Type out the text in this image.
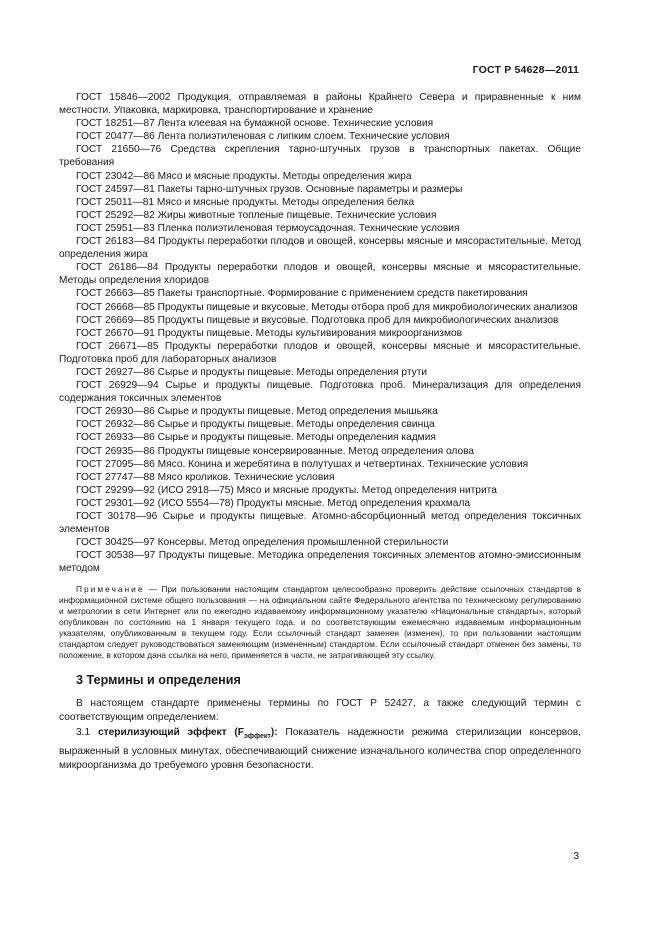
ГОСТ Р 54628—2011

ГОСТ 15846—2002 Продукция, отправляемая в районы Крайнего Севера и приравненные к ним местности. Упаковка, маркировка, транспортирование и хранение

ГОСТ 18251—87 Лента клеевая на бумажной основе. Технические условия

ГОСТ 20477—86 Лента полиэтиленовая с липким слоем. Технические условия

ГОСТ 21650—76 Средства скрепления тарно-штучных грузов в транспортных пакетах. Общие требования

ГОСТ 23042—86 Мясо и мясные продукты. Методы определения жира

ГОСТ 24597—81 Пакеты тарно-штучных грузов. Основные параметры и размеры

ГОСТ 25011—81 Мясо и мясные продукты. Методы определения белка

ГОСТ 25292—82 Жиры животные топленые пищевые. Технические условия

ГОСТ 25951—83 Пленка полиэтиленовая термоусадочная. Технические условия

ГОСТ 26183—84 Продукты переработки плодов и овощей, консервы мясные и мясорастительные. Метод определения жира

ГОСТ 26186—84 Продукты переработки плодов и овощей, консервы мясные и мясорастительные. Методы определения хлоридов

ГОСТ 26663—85 Пакеты транспортные. Формирование с применением средств пакетирования

ГОСТ 26668—85 Продукты пищевые и вкусовые. Методы отбора проб для микробиологических анализов

ГОСТ 26669—85 Продукты пищевые и вкусовые. Подготовка проб для микробиологических анализов

ГОСТ 26670—91 Продукты пищевые. Методы культивирования микроорганизмов

ГОСТ 26671—85 Продукты переработки плодов и овощей, консервы мясные и мясорастительные. Подготовка проб для лабораторных анализов

ГОСТ 26927—86 Сырье и продукты пищевые. Методы определения ртути

ГОСТ 26929—94 Сырье и продукты пищевые. Подготовка проб. Минерализация для определения содержания токсичных элементов

ГОСТ 26930—86 Сырье и продукты пищевые. Метод определения мышьяка

ГОСТ 26932—86 Сырье и продукты пищевые. Методы определения свинца

ГОСТ 26933—86 Сырье и продукты пищевые. Методы определения кадмия

ГОСТ 26935—86 Продукты пищевые консервированные. Метод определения олова

ГОСТ 27095—86 Мясо. Конина и жеребятина в полутушах и четвертинах. Технические условия

ГОСТ 27747—88 Мясо кроликов. Технические условия

ГОСТ 29299—92 (ИСО 2918—75) Мясо и мясные продукты. Метод определения нитрита

ГОСТ 29301—92 (ИСО 5554—78) Продукты мясные. Метод определения крахмала

ГОСТ 30178—96 Сырье и продукты пищевые. Атомно-абсорбционный метод определения токсичных элементов

ГОСТ 30425—97 Консервы. Метод определения промышленной стерильности

ГОСТ 30538—97 Продукты пищевые. Методика определения токсичных элементов атомно-эмиссионным методом

Примечание — При пользовании настоящим стандартом целесообразно проверить действие ссылочных стандартов в информационной системе общего пользования — на официальном сайте Федерального агентства по техническому регулированию и метрологии в сети Интернет или по ежегодно издаваемому информационному указателю «Национальные стандарты», который опубликован по состоянию на 1 января текущего года, и по соответствующим ежемесячно издаваемым информационным указателям, опубликованным в текущем году. Если ссылочный стандарт заменен (изменен), то при пользовании настоящим стандартом следует руководствоваться заменяющим (измененным) стандартом. Если ссылочный стандарт отменен без замены, то положение, в котором дана ссылка на него, применяется в части, не затрагивающей эту ссылку.

3 Термины и определения

В настоящем стандарте применены термины по ГОСТ Р 52427, а также следующий термин с соответствующим определением:

3.1 стерилизующий эффект $(F_{эффект})$: Показатель надежности режима стерилизации консервов, выраженный в условных минутах, обеспечивающий снижение изначального количества спор определенного микроорганизма до требуемого уровня безопасности.

3
